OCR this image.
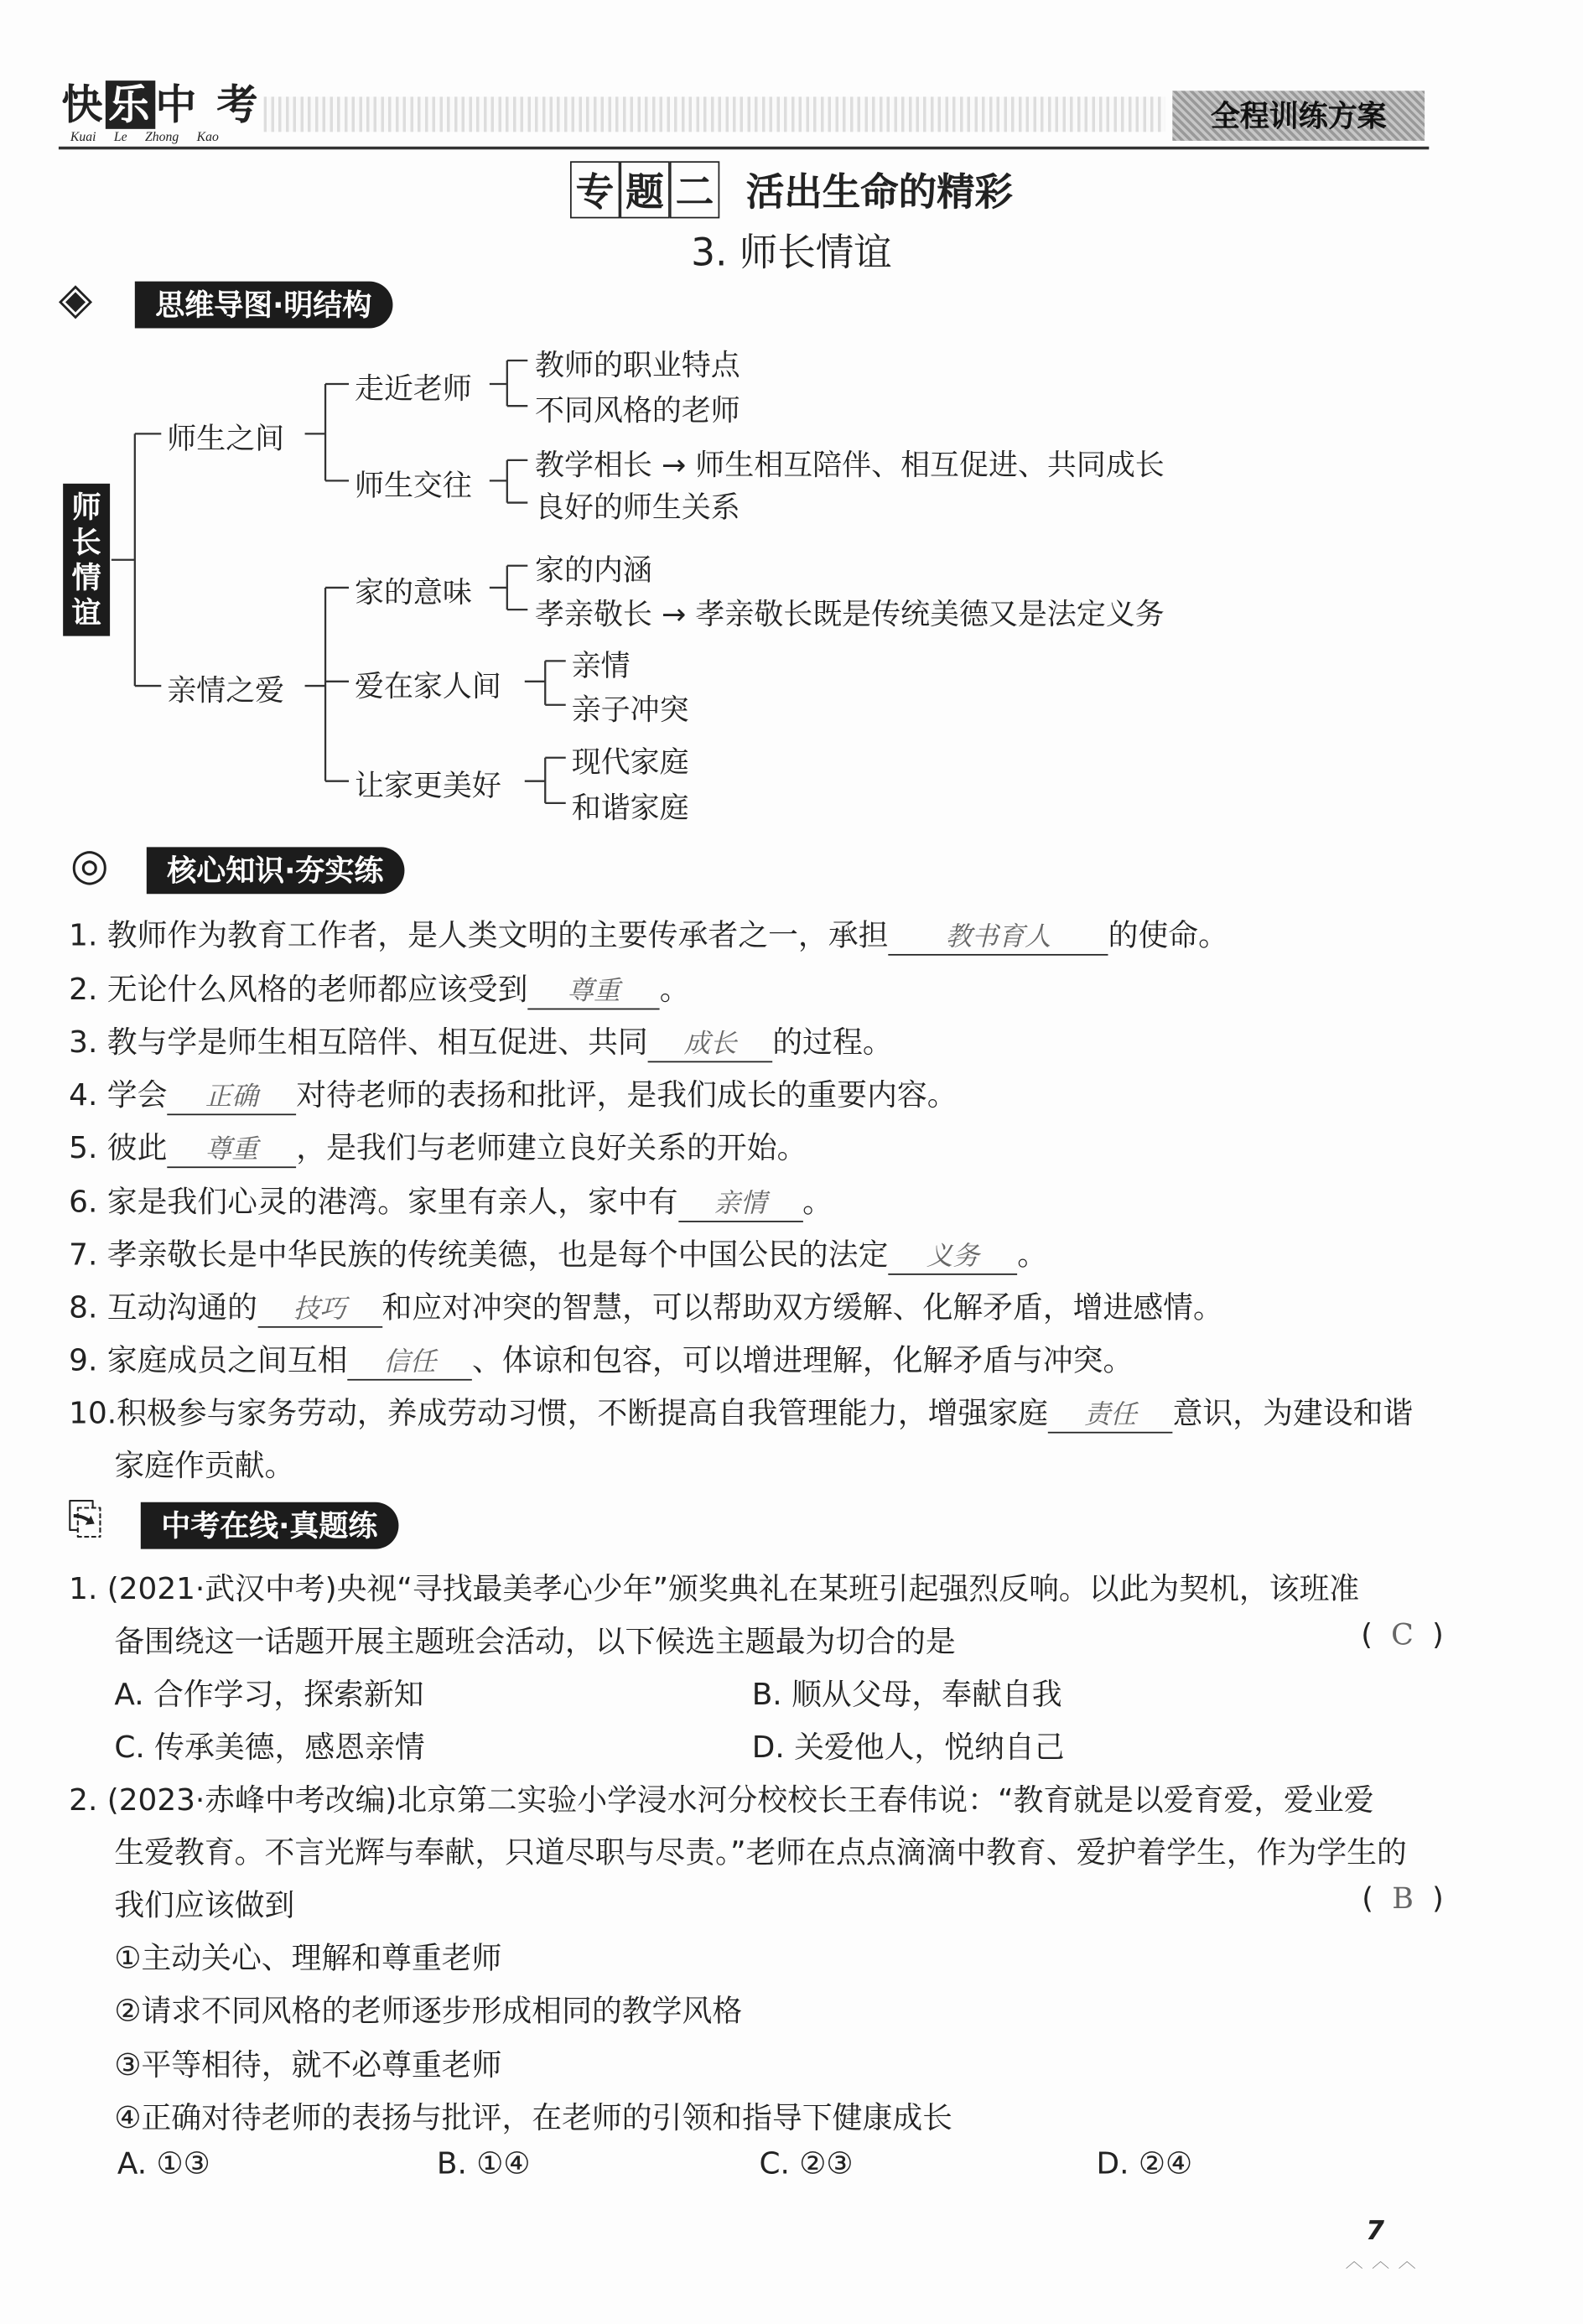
快 乐 中 考
Kuai Le Zhong Kao
全程训练方案
专 题 二 活出生命的精彩
3. 师长情谊
◈	思维导图·明结构
师长情谊
师生之间
亲情之爱
走近老师
师生交往
家的意味
爱在家人间
让家更美好
教师的职业特点
不同风格的老师
教学相长 → 师生相互陪伴、相互促进、共同成长
良好的师生关系
家的内涵
孝亲敬长 → 孝亲敬长既是传统美德又是法定义务
亲情
亲子冲突
现代家庭
和谐家庭
◎	核心知识·夯实练
1. 教师作为教育工作者，是人类文明的主要传承者之一，承担	教书育人	的使命。
2. 无论什么风格的老师都应该受到	尊重 。
3. 教与学是师生相互陪伴、相互促进、共同 成长 的过程。
4. 学会	正确 对待老师的表扬和批评，是我们成长的重要内容。
5. 彼此	尊重 ，是我们与老师建立良好关系的开始。
6. 家是我们心灵的港湾。家里有亲人，家中有 亲情 。
7. 孝亲敬长是中华民族的传统美德，也是每个中国公民的法定	义务 。
8. 互动沟通的 技巧 和应对冲突的智慧，可以帮助双方缓解、化解矛盾，增进感情。
9. 家庭成员之间互相 信任 、体谅和包容，可以增进理解，化解矛盾与冲突。
10.积极参与家务劳动，养成劳动习惯，不断提高自我管理能力，增强家庭 责任 意识，为建设和谐
家庭作贡献。
⎘	中考在线·真题练
1. (2021·武汉中考)央视“寻找最美孝心少年”颁奖典礼在某班引起强烈反响。以此为契机，该班准
备围绕这一话题开展主题班会活动，以下候选主题最为切合的是	(  C  )
A. 合作学习，探索新知	B. 顺从父母，奉献自我
C. 传承美德，感恩亲情	D. 关爱他人，悦纳自己
2. (2023·赤峰中考改编)北京第二实验小学浸水河分校校长王春伟说：“教育就是以爱育爱，爱业爱
生爱教育。不言光辉与奉献，只道尽职与尽责。”老师在点点滴滴中教育、爱护着学生，作为学生的
我们应该做到	(  B  )
①主动关心、理解和尊重老师
②请求不同风格的老师逐步形成相同的教学风格
③平等相待，就不必尊重老师
④正确对待老师的表扬与批评，在老师的引领和指导下健康成长
A. ①③	B. ①④	C. ②③	D. ②④
7
︿︿︿
